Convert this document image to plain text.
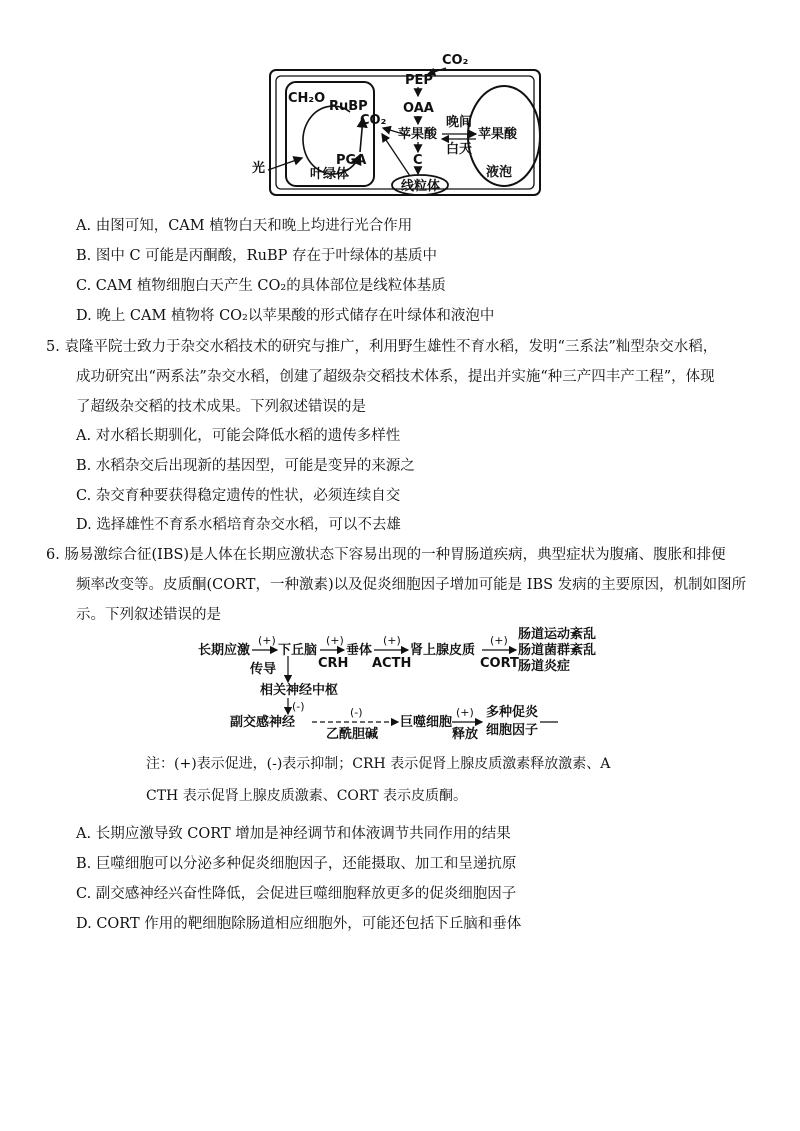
CH₂O
RuBP
PGA
叶绿体
光
CO₂
CO₂
PEP
OAA
苹果酸
晚间
白天
苹果酸
液泡
C
线粒体
A. 由图可知，CAM 植物白天和晚上均进行光合作用
B. 图中 C 可能是丙酮酸，RuBP 存在于叶绿体的基质中
C. CAM 植物细胞白天产生 CO₂的具体部位是线粒体基质
D. 晚上 CAM 植物将 CO₂以苹果酸的形式储存在叶绿体和液泡中
5. 袁隆平院士致力于杂交水稻技术的研究与推广，利用野生雄性不育水稻，发明“三系法”籼型杂交水稻，
成功研究出“两系法”杂交水稻，创建了超级杂交稻技术体系，提出并实施“种三产四丰产工程”，体现
了超级杂交稻的技术成果。下列叙述错误的是
A. 对水稻长期驯化，可能会降低水稻的遗传多样性
B. 水稻杂交后出现新的基因型，可能是变异的来源之
C. 杂交育种要获得稳定遗传的性状，必须连续自交
D. 选择雄性不育系水稻培育杂交水稻，可以不去雄
6. 肠易激综合征(IBS)是人体在长期应激状态下容易出现的一种胃肠道疾病，典型症状为腹痛、腹胀和排便
频率改变等。皮质酮(CORT，一种激素)以及促炎细胞因子增加可能是 IBS 发病的主要原因，机制如图所
示。下列叙述错误的是
长期应激
(+)
下丘脑
(+)
CRH
垂体
(+)
ACTH
肾上腺皮质
(+)
CORT
肠道运动紊乱
肠道菌群紊乱
肠道炎症
传导
相关神经中枢
(-)
副交感神经
(-)
乙酰胆碱
巨噬细胞
(+)
释放
多种促炎
细胞因子
注：(+)表示促进，(-)表示抑制；CRH 表示促肾上腺皮质激素释放激素、A
CTH 表示促肾上腺皮质激素、CORT 表示皮质酮。
A. 长期应激导致 CORT 增加是神经调节和体液调节共同作用的结果
B. 巨噬细胞可以分泌多种促炎细胞因子，还能摄取、加工和呈递抗原
C. 副交感神经兴奋性降低，会促进巨噬细胞释放更多的促炎细胞因子
D. CORT 作用的靶细胞除肠道相应细胞外，可能还包括下丘脑和垂体
